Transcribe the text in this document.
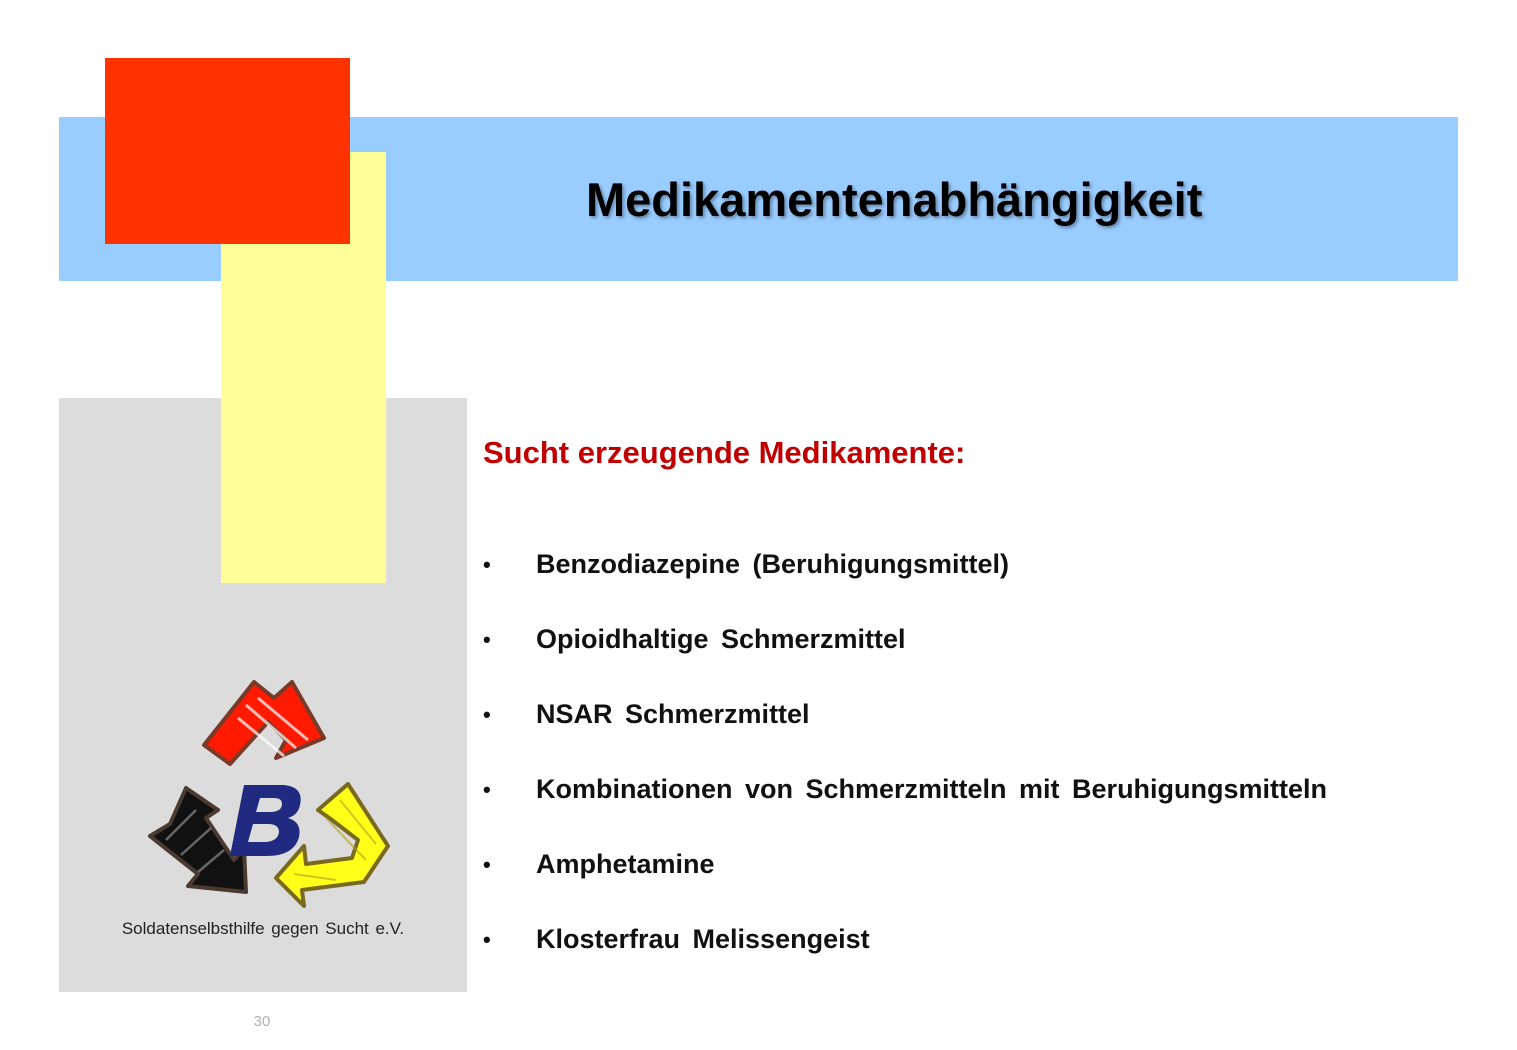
Medikamentenabhängigkeit
Sucht erzeugende Medikamente:
•	Benzodiazepine (Beruhigungsmittel)
•	Opioidhaltige Schmerzmittel
•	NSAR Schmerzmittel
•	Kombinationen von Schmerzmitteln mit Beruhigungsmitteln
•	Amphetamine
•	Klosterfrau Melissengeist
Soldatenselbsthilfe gegen Sucht e.V.
30
